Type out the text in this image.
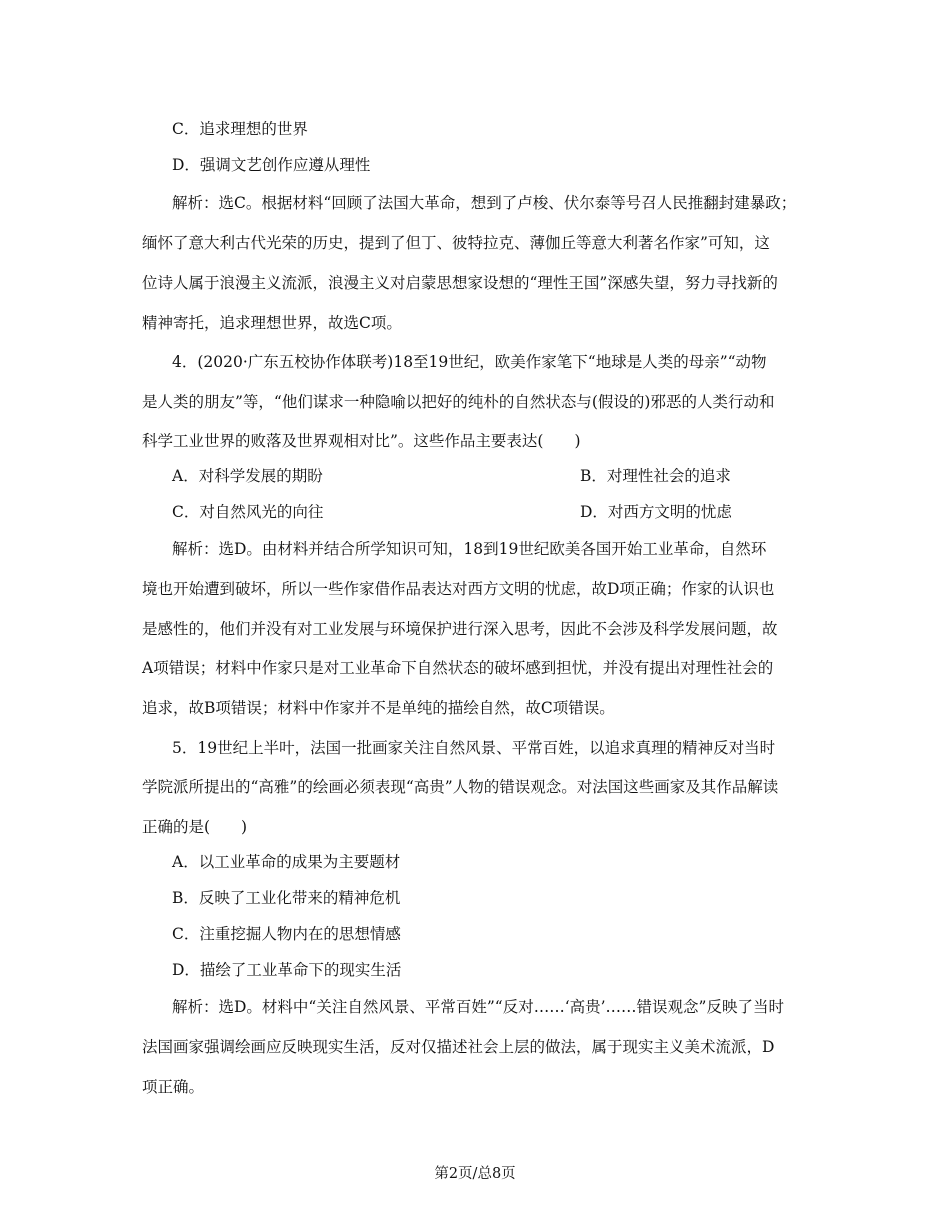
C．追求理想的世界
D．强调文艺创作应遵从理性
解析：选C。根据材料“回顾了法国大革命，想到了卢梭、伏尔泰等号召人民推翻封建暴政；
缅怀了意大利古代光荣的历史，提到了但丁、彼特拉克、薄伽丘等意大利著名作家”可知，这
位诗人属于浪漫主义流派，浪漫主义对启蒙思想家设想的“理性王国”深感失望，努力寻找新的
精神寄托，追求理想世界，故选C项。
4．(2020·广东五校协作体联考)18至19世纪，欧美作家笔下“地球是人类的母亲”“动物
是人类的朋友”等，“他们谋求一种隐喻以把好的纯朴的自然状态与(假设的)邪恶的人类行动和
科学工业世界的败落及世界观相对比”。这些作品主要表达(　　)
A．对科学发展的期盼	B．对理性社会的追求
C．对自然风光的向往	D．对西方文明的忧虑
解析：选D。由材料并结合所学知识可知，18到19世纪欧美各国开始工业革命，自然环
境也开始遭到破坏，所以一些作家借作品表达对西方文明的忧虑，故D项正确；作家的认识也
是感性的，他们并没有对工业发展与环境保护进行深入思考，因此不会涉及科学发展问题，故
A项错误；材料中作家只是对工业革命下自然状态的破坏感到担忧，并没有提出对理性社会的
追求，故B项错误；材料中作家并不是单纯的描绘自然，故C项错误。
5．19世纪上半叶，法国一批画家关注自然风景、平常百姓，以追求真理的精神反对当时
学院派所提出的“高雅”的绘画必须表现“高贵”人物的错误观念。对法国这些画家及其作品解读
正确的是(　　)
A．以工业革命的成果为主要题材
B．反映了工业化带来的精神危机
C．注重挖掘人物内在的思想情感
D．描绘了工业革命下的现实生活
解析：选D。材料中“关注自然风景、平常百姓”“反对……‘高贵’……错误观念”反映了当时
法国画家强调绘画应反映现实生活，反对仅描述社会上层的做法，属于现实主义美术流派，D
项正确。
第2页/总8页
